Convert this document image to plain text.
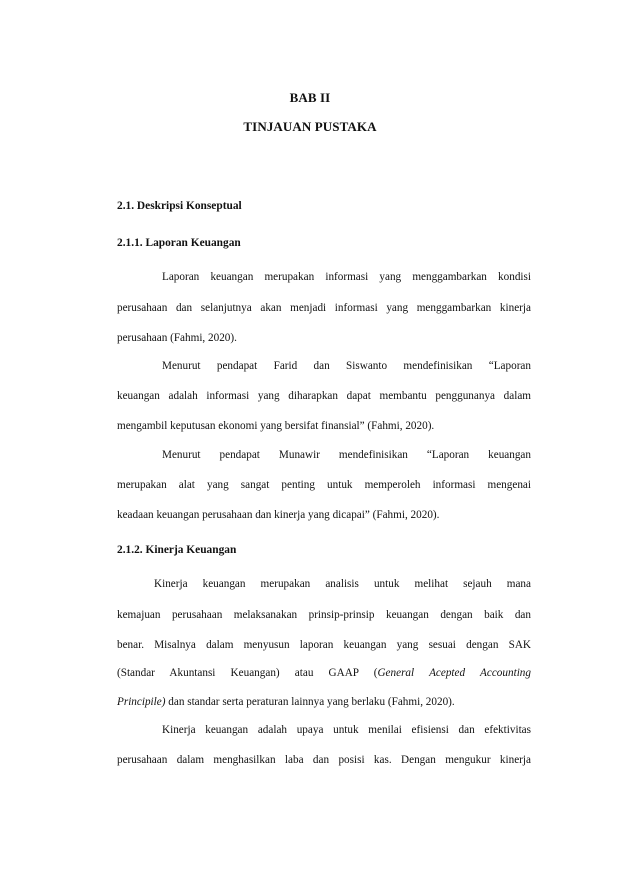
BAB II
TINJAUAN PUSTAKA
2.1. Deskripsi Konseptual
2.1.1. Laporan Keuangan
Laporan keuangan merupakan informasi yang menggambarkan kondisi
perusahaan dan selanjutnya akan menjadi informasi yang menggambarkan kinerja
perusahaan (Fahmi, 2020).
Menurut pendapat Farid dan Siswanto mendefinisikan “Laporan
keuangan adalah informasi yang diharapkan dapat membantu penggunanya dalam
mengambil keputusan ekonomi yang bersifat finansial” (Fahmi, 2020).
Menurut pendapat Munawir mendefinisikan “Laporan keuangan
merupakan alat yang sangat penting untuk memperoleh informasi mengenai
keadaan keuangan perusahaan dan kinerja yang dicapai” (Fahmi, 2020).
2.1.2. Kinerja Keuangan
Kinerja keuangan merupakan analisis untuk melihat sejauh mana
kemajuan perusahaan melaksanakan prinsip-prinsip keuangan dengan baik dan
benar. Misalnya dalam menyusun laporan keuangan yang sesuai dengan SAK
(Standar Akuntansi Keuangan) atau GAAP (General Acepted Accounting
Principile) dan standar serta peraturan lainnya yang berlaku (Fahmi, 2020).
Kinerja keuangan adalah upaya untuk menilai efisiensi dan efektivitas
perusahaan dalam menghasilkan laba dan posisi kas. Dengan mengukur kinerja
